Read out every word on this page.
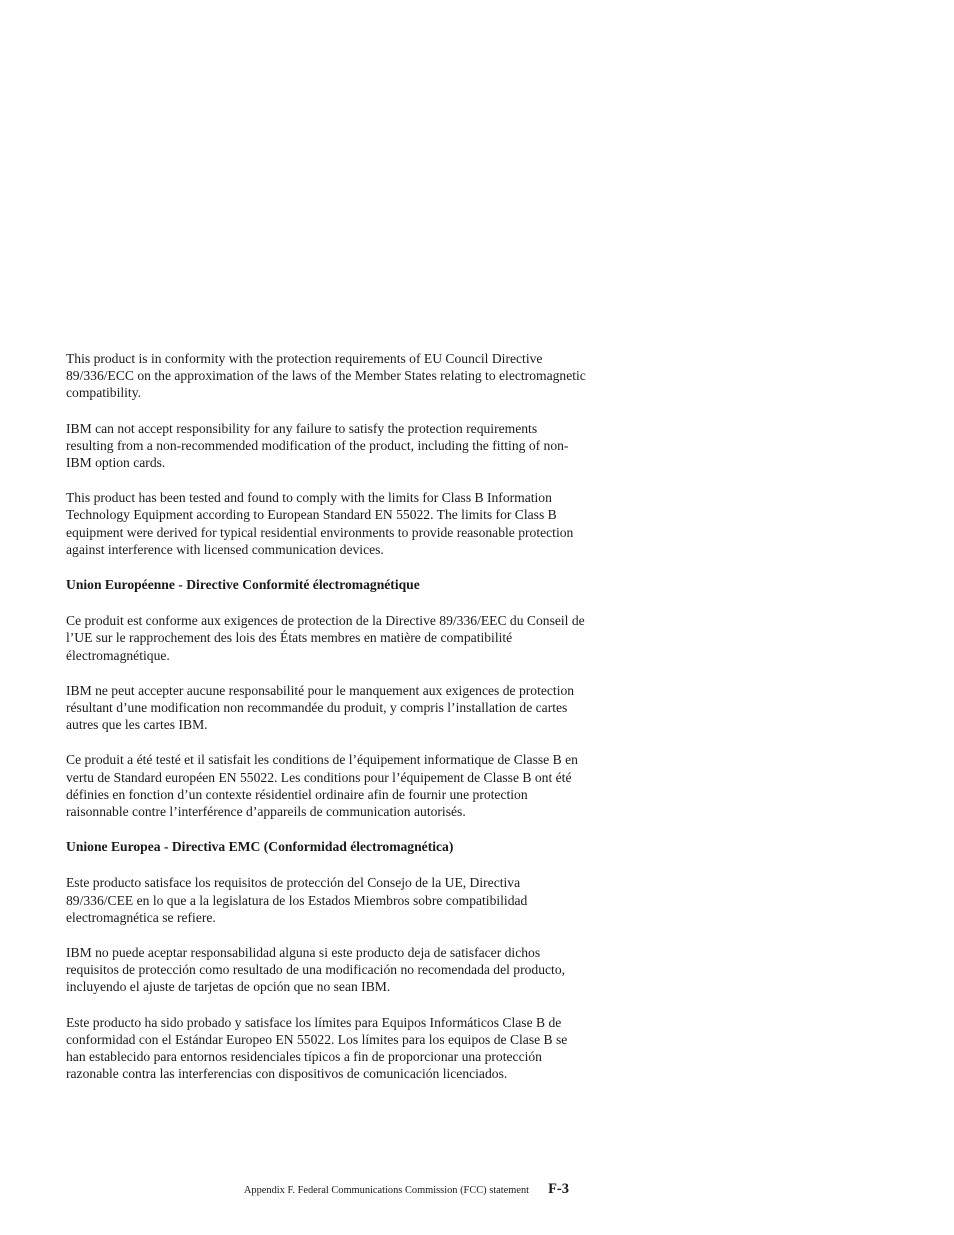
This product is in conformity with the protection requirements of EU Council Directive 89/336/ECC on the approximation of the laws of the Member States relating to electromagnetic compatibility.

IBM can not accept responsibility for any failure to satisfy the protection requirements resulting from a non-recommended modification of the product, including the fitting of non-IBM option cards.

This product has been tested and found to comply with the limits for Class B Information Technology Equipment according to European Standard EN 55022. The limits for Class B equipment were derived for typical residential environments to provide reasonable protection against interference with licensed communication devices.

Union Européenne - Directive Conformité électromagnétique

Ce produit est conforme aux exigences de protection de la Directive 89/336/EEC du Conseil de l’UE sur le rapprochement des lois des États membres en matière de compatibilité électromagnétique.

IBM ne peut accepter aucune responsabilité pour le manquement aux exigences de protection résultant d’une modification non recommandée du produit, y compris l’installation de cartes autres que les cartes IBM.

Ce produit a été testé et il satisfait les conditions de l’équipement informatique de Classe B en vertu de Standard européen EN 55022. Les conditions pour l’équipement de Classe B ont été définies en fonction d’un contexte résidentiel ordinaire afin de fournir une protection raisonnable contre l’interférence d’appareils de communication autorisés.

Unione Europea - Directiva EMC (Conformidad électromagnética)

Este producto satisface los requisitos de protección del Consejo de la UE, Directiva 89/336/CEE en lo que a la legislatura de los Estados Miembros sobre compatibilidad electromagnética se refiere.

IBM no puede aceptar responsabilidad alguna si este producto deja de satisfacer dichos requisitos de protección como resultado de una modificación no recomendada del producto, incluyendo el ajuste de tarjetas de opción que no sean IBM.

Este producto ha sido probado y satisface los límites para Equipos Informáticos Clase B de conformidad con el Estándar Europeo EN 55022. Los límites para los equipos de Clase B se han establecido para entornos residenciales típicos a fin de proporcionar una protección razonable contra las interferencias con dispositivos de comunicación licenciados.

Appendix F. Federal Communications Commission (FCC) statement F-3
